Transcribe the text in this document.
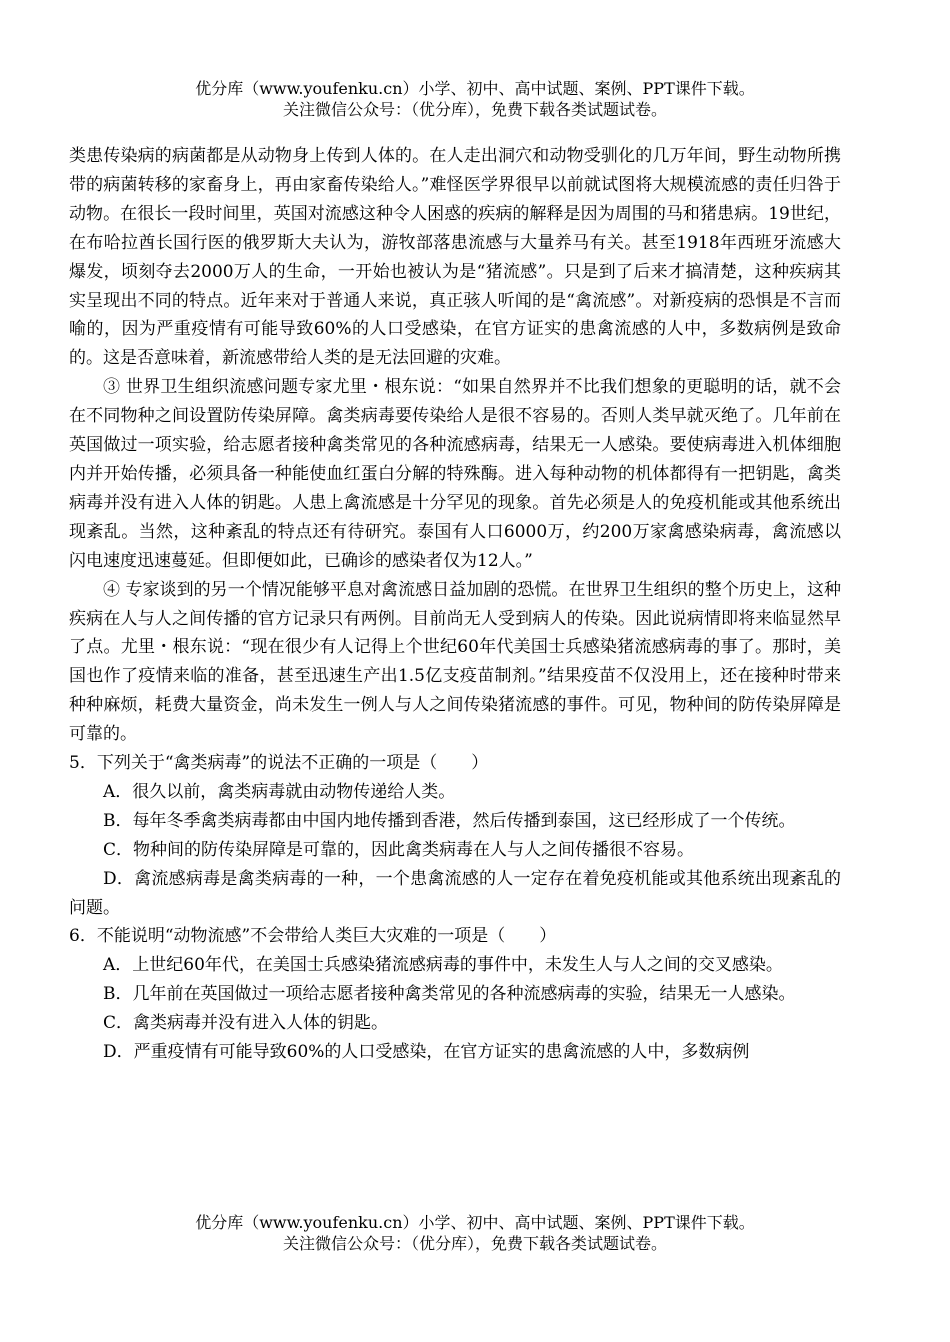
优分库（www.youfenku.cn）小学、初中、高中试题、案例、PPT课件下载。
关注微信公众号：（优分库），免费下载各类试题试卷。

类患传染病的病菌都是从动物身上传到人体的。在人走出洞穴和动物受驯化的几万年间，野生动物所携带的病菌转移的家畜身上，再由家畜传染给人。”难怪医学界很早以前就试图将大规模流感的责任归咎于动物。在很长一段时间里，英国对流感这种令人困惑的疾病的解释是因为周围的马和猪患病。19世纪，在布哈拉酋长国行医的俄罗斯大夫认为，游牧部落患流感与大量养马有关。甚至1918年西班牙流感大爆发，顷刻夺去2000万人的生命，一开始也被认为是“猪流感”。只是到了后来才搞清楚，这种疾病其实呈现出不同的特点。近年来对于普通人来说，真正骇人听闻的是“禽流感”。对新疫病的恐惧是不言而喻的，因为严重疫情有可能导致60%的人口受感染，在官方证实的患禽流感的人中，多数病例是致命的。这是否意味着，新流感带给人类的是无法回避的灾难。

③ 世界卫生组织流感问题专家尤里・根东说：“如果自然界并不比我们想象的更聪明的话，就不会在不同物种之间设置防传染屏障。禽类病毒要传染给人是很不容易的。否则人类早就灭绝了。几年前在英国做过一项实验，给志愿者接种禽类常见的各种流感病毒，结果无一人感染。要使病毒进入机体细胞内并开始传播，必须具备一种能使血红蛋白分解的特殊酶。进入每种动物的机体都得有一把钥匙，禽类病毒并没有进入人体的钥匙。人患上禽流感是十分罕见的现象。首先必须是人的免疫机能或其他系统出现紊乱。当然，这种紊乱的特点还有待研究。泰国有人口6000万，约200万家禽感染病毒，禽流感以闪电速度迅速蔓延。但即便如此，已确诊的感染者仅为12人。”

④ 专家谈到的另一个情况能够平息对禽流感日益加剧的恐慌。在世界卫生组织的整个历史上，这种疾病在人与人之间传播的官方记录只有两例。目前尚无人受到病人的传染。因此说病情即将来临显然早了点。尤里・根东说：“现在很少有人记得上个世纪60年代美国士兵感染猪流感病毒的事了。那时，美国也作了疫情来临的准备，甚至迅速生产出1.5亿支疫苗制剂。”结果疫苗不仅没用上，还在接种时带来种种麻烦，耗费大量资金，尚未发生一例人与人之间传染猪流感的事件。可见，物种间的防传染屏障是可靠的。

5．下列关于“禽类病毒”的说法不正确的一项是（　　）

A．很久以前，禽类病毒就由动物传递给人类。

B．每年冬季禽类病毒都由中国内地传播到香港，然后传播到泰国，这已经形成了一个传统。

C．物种间的防传染屏障是可靠的，因此禽类病毒在人与人之间传播很不容易。

D．禽流感病毒是禽类病毒的一种，一个患禽流感的人一定存在着免疫机能或其他系统出现紊乱的问题。

6．不能说明“动物流感”不会带给人类巨大灾难的一项是（　　）

A．上世纪60年代，在美国士兵感染猪流感病毒的事件中，未发生人与人之间的交叉感染。

B．几年前在英国做过一项给志愿者接种禽类常见的各种流感病毒的实验，结果无一人感染。

C．禽类病毒并没有进入人体的钥匙。

D．严重疫情有可能导致60%的人口受感染，在官方证实的患禽流感的人中，多数病例

优分库（www.youfenku.cn）小学、初中、高中试题、案例、PPT课件下载。
关注微信公众号：（优分库），免费下载各类试题试卷。
